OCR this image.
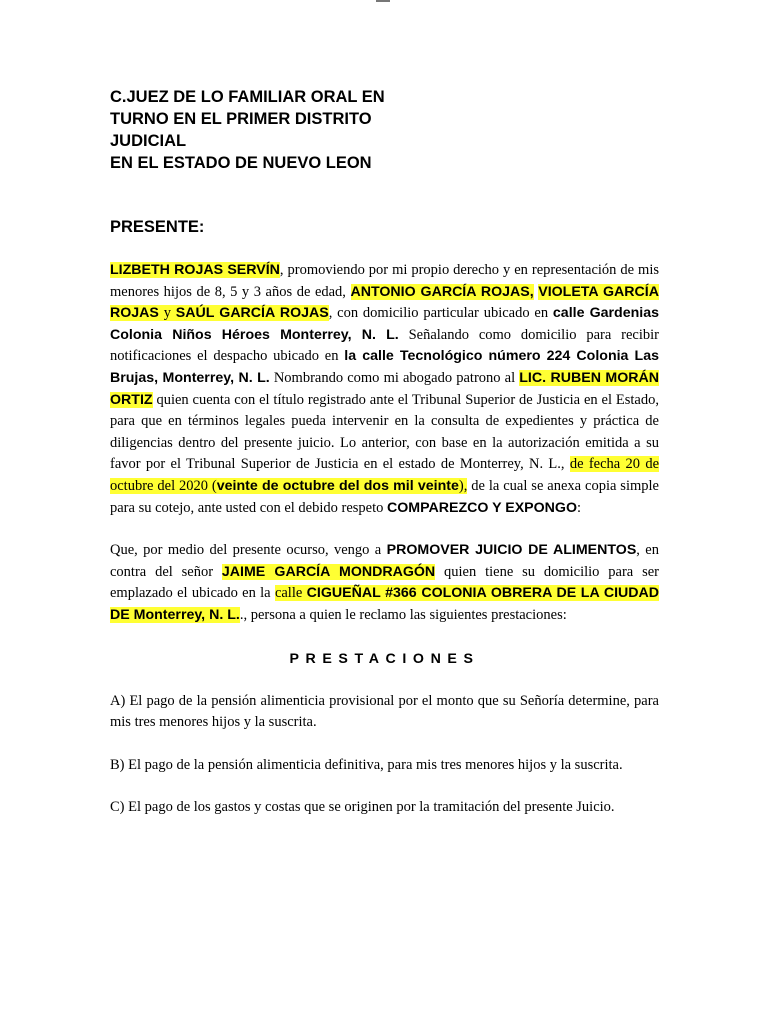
C.JUEZ DE LO FAMILIAR ORAL EN
TURNO EN EL PRIMER DISTRITO
JUDICIAL
EN EL ESTADO DE NUEVO LEON
PRESENTE:

LIZBETH ROJAS SERVÍN, promoviendo por mi propio derecho y en representación de mis menores hijos de 8, 5 y 3 años de edad, ANTONIO GARCÍA ROJAS, VIOLETA GARCÍA ROJAS y SAÚL GARCÍA ROJAS, con domicilio particular ubicado en calle Gardenias Colonia Niños Héroes Monterrey, N. L. Señalando como domicilio para recibir notificaciones el despacho ubicado en la calle Tecnológico número 224 Colonia Las Brujas, Monterrey, N. L. Nombrando como mi abogado patrono al LIC. RUBEN MORÁN ORTIZ quien cuenta con el título registrado ante el Tribunal Superior de Justicia en el Estado, para que en términos legales pueda intervenir en la consulta de expedientes y práctica de diligencias dentro del presente juicio. Lo anterior, con base en la autorización emitida a su favor por el Tribunal Superior de Justicia en el estado de Monterrey, N. L., de fecha 20 de octubre del 2020 (veinte de octubre del dos mil veinte), de la cual se anexa copia simple para su cotejo, ante usted con el debido respeto COMPAREZCO Y EXPONGO:

Que, por medio del presente ocurso, vengo a PROMOVER JUICIO DE ALIMENTOS, en contra del señor JAIME GARCÍA MONDRAGÓN quien tiene su domicilio para ser emplazado el ubicado en la calle CIGUEÑAL #366 COLONIA OBRERA DE LA CIUDAD DE Monterrey, N. L.., persona a quien le reclamo las siguientes prestaciones:

PRESTACIONES

A) El pago de la pensión alimenticia provisional por el monto que su Señoría determine, para mis tres menores hijos y la suscrita.

B) El pago de la pensión alimenticia definitiva, para mis tres menores hijos y la suscrita.

C) El pago de los gastos y costas que se originen por la tramitación del presente Juicio.
